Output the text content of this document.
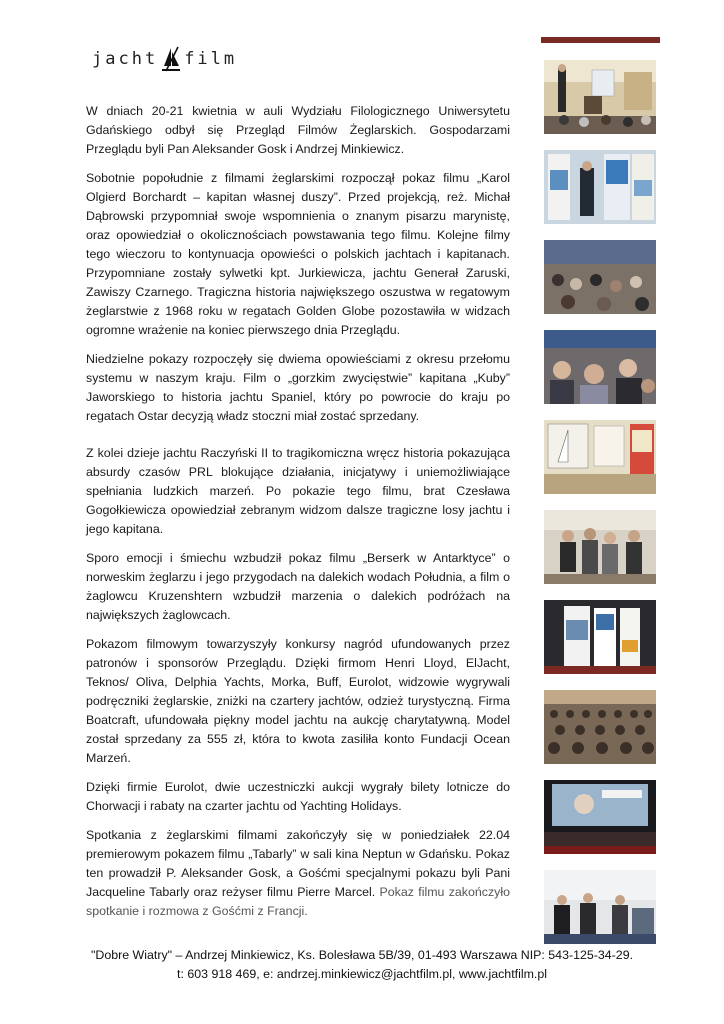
jacht film

W dniach 20-21 kwietnia w auli Wydziału Filologicznego Uniwersytetu Gdańskiego odbył się Przegląd Filmów Żeglarskich. Gospodarzami Przeglądu byli Pan Aleksander Gosk i Andrzej Minkiewicz.

Sobotnie popołudnie z filmami żeglarskimi rozpoczął pokaz filmu „Karol Olgierd Borchardt – kapitan własnej duszy”. Przed projekcją, reż. Michał Dąbrowski przypomniał swoje wspomnienia o znanym pisarzu marynistę, oraz opowiedział o okolicznościach powstawania tego filmu. Kolejne filmy tego wieczoru to kontynuacja opowieści o polskich jachtach i kapitanach. Przypomniane zostały sylwetki kpt. Jurkiewicza, jachtu Generał Zaruski, Zawiszy Czarnego. Tragiczna historia największego oszustwa w regatowym żeglarstwie z 1968 roku w regatach Golden Globe pozostawiła w widzach ogromne wrażenie na koniec pierwszego dnia Przeglądu.

Niedzielne pokazy rozpoczęły się dwiema opowieściami z okresu przełomu systemu w naszym kraju. Film o „gorzkim zwycięstwie” kapitana „Kuby” Jaworskiego to historia jachtu Spaniel, który po powrocie do kraju po regatach Ostar decyzją władz stoczni miał zostać sprzedany.

Z kolei dzieje jachtu Raczyński II to tragikomiczna wręcz historia pokazująca absurdy czasów PRL blokujące działania, inicjatywy i uniemożliwiające spełniania ludzkich marzeń. Po pokazie tego filmu, brat Czesława Gogołkiewicza opowiedział zebranym widzom dalsze tragiczne losy jachtu i jego kapitana.

Sporo emocji i śmiechu wzbudził pokaz filmu „Berserk w Antarktyce” o norweskim żeglarzu i jego przygodach na dalekich wodach Południa, a film o żaglowcu Kruzenshtern wzbudził marzenia o dalekich podróżach na największych żaglowcach.

Pokazom filmowym towarzyszyły konkursy nagród ufundowanych przez patronów i sponsorów Przeglądu. Dzięki firmom Henri Lloyd, ElJacht, Teknos/ Oliva, Delphia Yachts, Morka, Buff, Eurolot, widzowie wygrywali podręczniki żeglarskie, zniżki na czartery jachtów, odzież turystyczną. Firma Boatcraft, ufundowała piękny model jachtu na aukcję charytatywną. Model został sprzedany za 555 zł, która to kwota zasiliła konto Fundacji Ocean Marzeń.

Dzięki firmie Eurolot, dwie uczestniczki aukcji wygrały bilety lotnicze do Chorwacji i rabaty na czarter jachtu od Yachting Holidays.

Spotkania z żeglarskimi filmami zakończyły się w poniedziałek 22.04 premierowym pokazem filmu „Tabarly” w sali kina Neptun w Gdańsku. Pokaz ten prowadził P. Aleksander Gosk, a Gośćmi specjalnymi pokazu byli Pani Jacqueline Tabarly oraz reżyser filmu Pierre Marcel. Pokaz filmu zakończyło spotkanie i rozmowa z Gośćmi z Francji.

"Dobre Wiatry" – Andrzej Minkiewicz, Ks. Bolesława 5B/39, 01-493 Warszawa NIP: 543-125-34-29.
t: 603 918 469, e: andrzej.minkiewicz@jachtfilm.pl, www.jachtfilm.pl
